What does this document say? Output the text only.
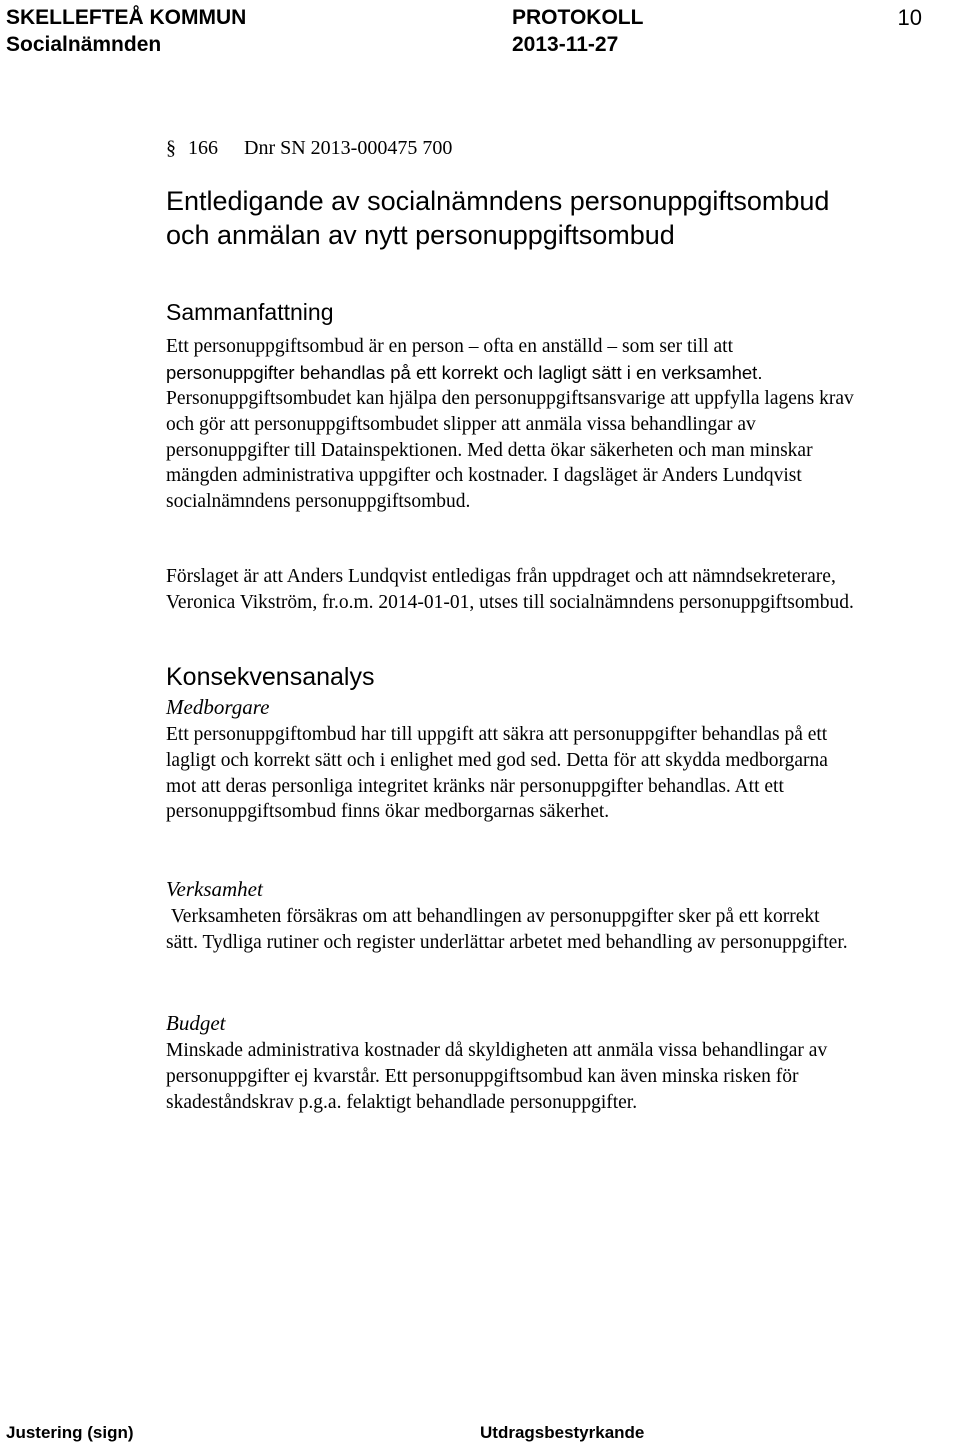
SKELLEFTEÅ KOMMUN
Socialnämnden
PROTOKOLL
2013-11-27
10
§ 166 Dnr SN 2013-000475 700
Entledigande av socialnämndens personuppgiftsombud och anmälan av nytt personuppgiftsombud
Sammanfattning

Ett personuppgiftsombud är en person – ofta en anställd – som ser till att
personuppgifter behandlas på ett korrekt och lagligt sätt i en verksamhet.

Personuppgiftsombudet kan hjälpa den personuppgiftsansvarige att uppfylla lagens krav och gör att personuppgiftsombudet slipper att anmäla vissa behandlingar av personuppgifter till Datainspektionen. Med detta ökar säkerheten och man minskar mängden administrativa uppgifter och kostnader. I dagsläget är Anders Lundqvist socialnämndens personuppgiftsombud.

Förslaget är att Anders Lundqvist entledigas från uppdraget och att nämndsekreterare, Veronica Vikström, fr.o.m. 2014-01-01, utses till socialnämndens personuppgiftsombud.

Konsekvensanalys
Medborgare

Ett personuppgiftombud har till uppgift att säkra att personuppgifter behandlas på ett lagligt och korrekt sätt och i enlighet med god sed. Detta för att skydda medborgarna mot att deras personliga integritet kränks när personuppgifter behandlas. Att ett personuppgiftsombud finns ökar medborgarnas säkerhet.

Verksamhet

Verksamheten försäkras om att behandlingen av personuppgifter sker på ett korrekt sätt. Tydliga rutiner och register underlättar arbetet med behandling av personuppgifter.

Budget

Minskade administrativa kostnader då skyldigheten att anmäla vissa behandlingar av personuppgifter ej kvarstår. Ett personuppgiftsombud kan även minska risken för skadeståndskrav p.g.a. felaktigt behandlade personuppgifter.

Justering (sign)	Utdragsbestyrkande
